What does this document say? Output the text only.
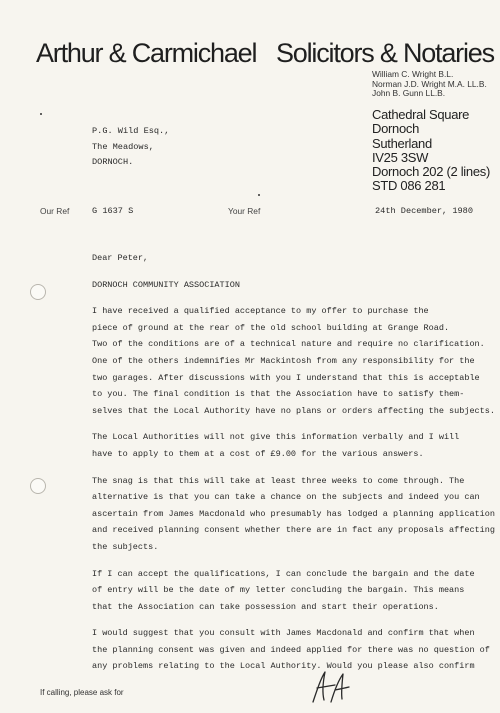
Arthur & Carmichael Solicitors & Notaries
William C. Wright B.L.
Norman J.D. Wright M.A. LL.B.
John B. Gunn LL.B.
Cathedral Square
Dornoch
Sutherland
IV25 3SW
Dornoch 202 (2 lines)
STD 086 281
P.G. Wild Esq.,
The Meadows,
DORNOCH.
Our Ref	G 1637 S	Your Ref	24th December, 1980

Dear Peter,

DORNOCH COMMUNITY ASSOCIATION

I have received a qualified acceptance to my offer to purchase the

piece of ground at the rear of the old school building at Grange Road.

Two of the conditions are of a technical nature and require no clarification.

One of the others indemnifies Mr Mackintosh from any responsibility for the

two garages. After discussions with you I understand that this is acceptable

to you. The final condition is that the Association have to satisfy them-

selves that the Local Authority have no plans or orders affecting the subjects.

The Local Authorities will not give this information verbally and I will

have to apply to them at a cost of £9.00 for the various answers.

The snag is that this will take at least three weeks to come through. The

alternative is that you can take a chance on the subjects and indeed you can

ascertain from James Macdonald who presumably has lodged a planning application

and received planning consent whether there are in fact any proposals affecting

the subjects.

If I can accept the qualifications, I can conclude the bargain and the date

of entry will be the date of my letter concluding the bargain. This means

that the Association can take possession and start their operations.

I would suggest that you consult with James Macdonald and confirm that when

the planning consent was given and indeed applied for there was no question of

any problems relating to the Local Authority. Would you please also confirm

If calling, please ask for
